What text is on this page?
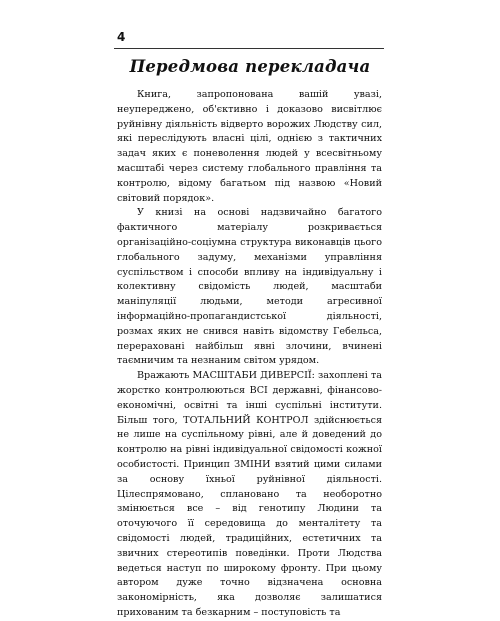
4
Передмова перекладача

Книга, запропонована вашій увазі, неупереджено, об'єктивно і доказово висвітлює руйнівну діяльність відверто ворожих Людству сил, які переслідують власні цілі, однією з тактичних задач яких є поневолення людей у всесвітньому масштабі через систему глобального правління та контролю, відому багатьом під назвою «Новий світовий порядок».

У книзі на основі надзвичайно багатого фактичного матеріалу розкривається організаційно-соціумна структура виконавців цього глобального задуму, механізми управління суспільством і способи впливу на індивідуальну і колективну свідомість людей, масштаби маніпуляції людьми, методи агресивної інформаційно-пропагандистської діяльності, розмах яких не снився навіть відомству Гебельса, перераховані найбільш явні злочини, вчинені таємничим та незнаним світом урядом.

Вражають МАСШТАБИ ДИВЕРСІЇ: захоплені та жорстко контролюються ВСІ державні, фінансово-економічні, освітні та інші суспільні інститути. Більш того, ТОТАЛЬНИЙ КОНТРОЛ здійснюється не лише на суспільному рівні, але й доведений до контролю на рівні індивідуальної свідомості кожної особистості. Принцип ЗМІНИ взятий цими силами за основу їхньої руйнівної діяльності. Цілеспрямовано, сплановано та необоротно змінюється все – від генотипу Людини та оточуючого її середовища до менталітету та свідомості людей, традиційних, естетичних та звичних стереотипів поведінки. Проти Людства ведеться наступ по широкому фронту. При цьому автором дуже точно відзначена основна закономірність, яка дозволяє залишатися прихованим та безкарним – поступовість та
